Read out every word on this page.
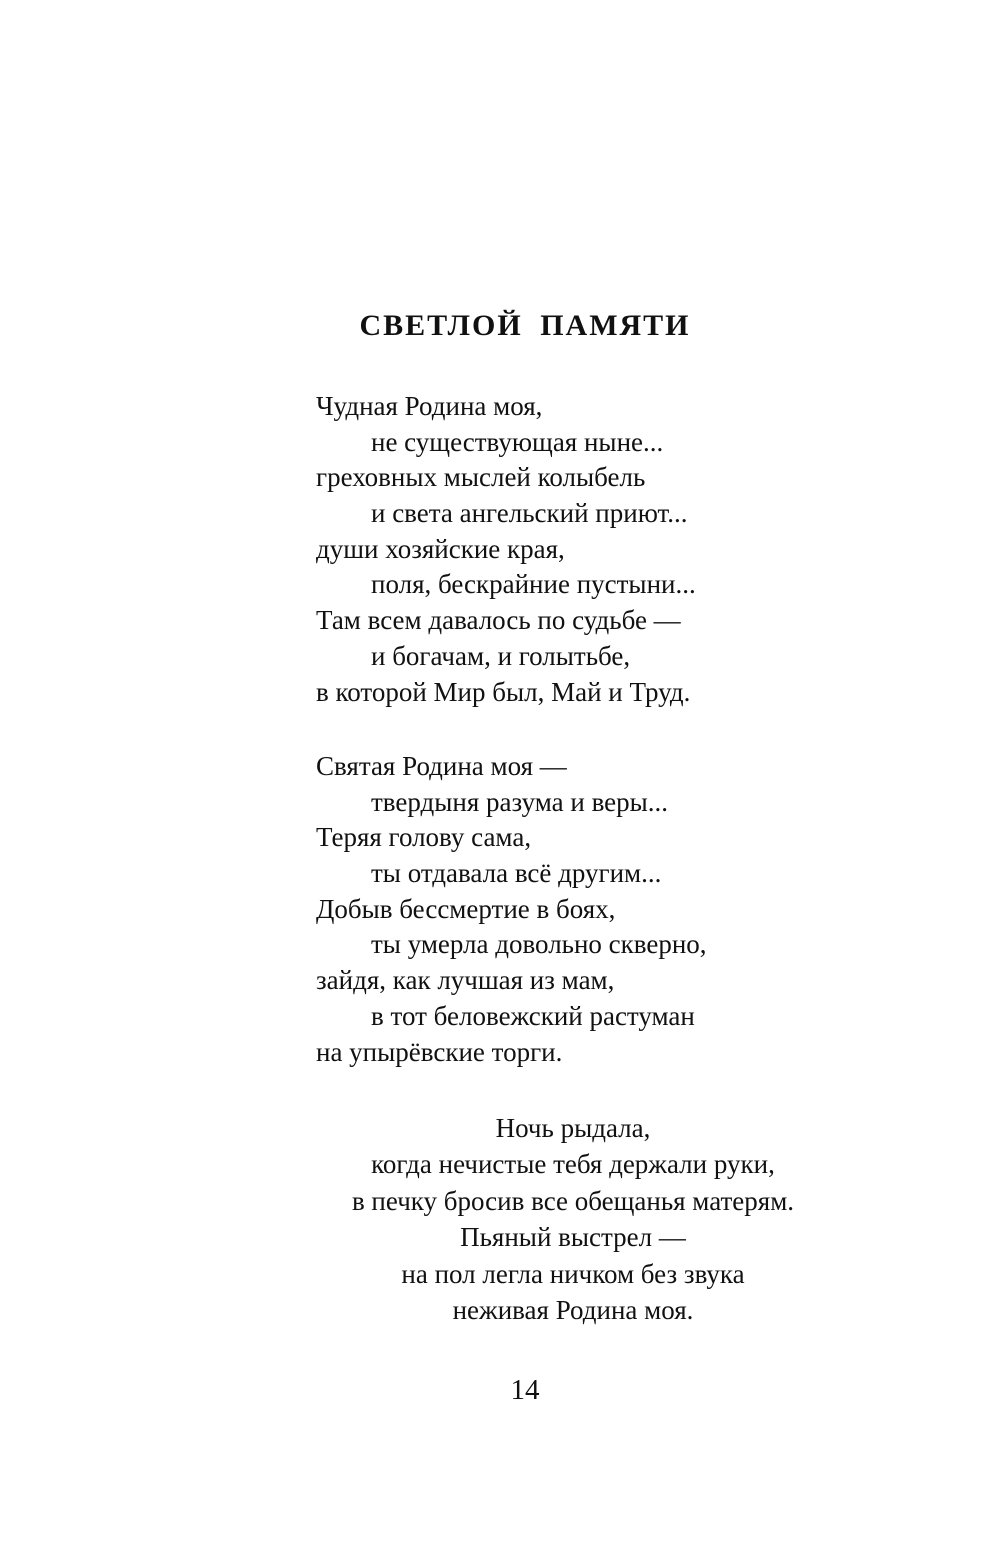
СВЕТЛОЙ ПАМЯТИ
Чудная Родина моя,
не существующая ныне...
греховных мыслей колыбель
и света ангельский приют...
души хозяйские края,
поля, бескрайние пустыни...
Там всем давалось по судьбе —
и богачам, и голытьбе,
в которой Мир был, Май и Труд.
Святая Родина моя —
твердыня разума и веры...
Теряя голову сама,
ты отдавала всё другим...
Добыв бессмертие в боях,
ты умерла довольно скверно,
зайдя, как лучшая из мам,
в тот беловежский растуман
на упырёвские торги.
Ночь рыдала,
когда нечистые тебя держали руки,
в печку бросив все обещанья матерям.
Пьяный выстрел —
на пол легла ничком без звука
неживая Родина моя.
14
